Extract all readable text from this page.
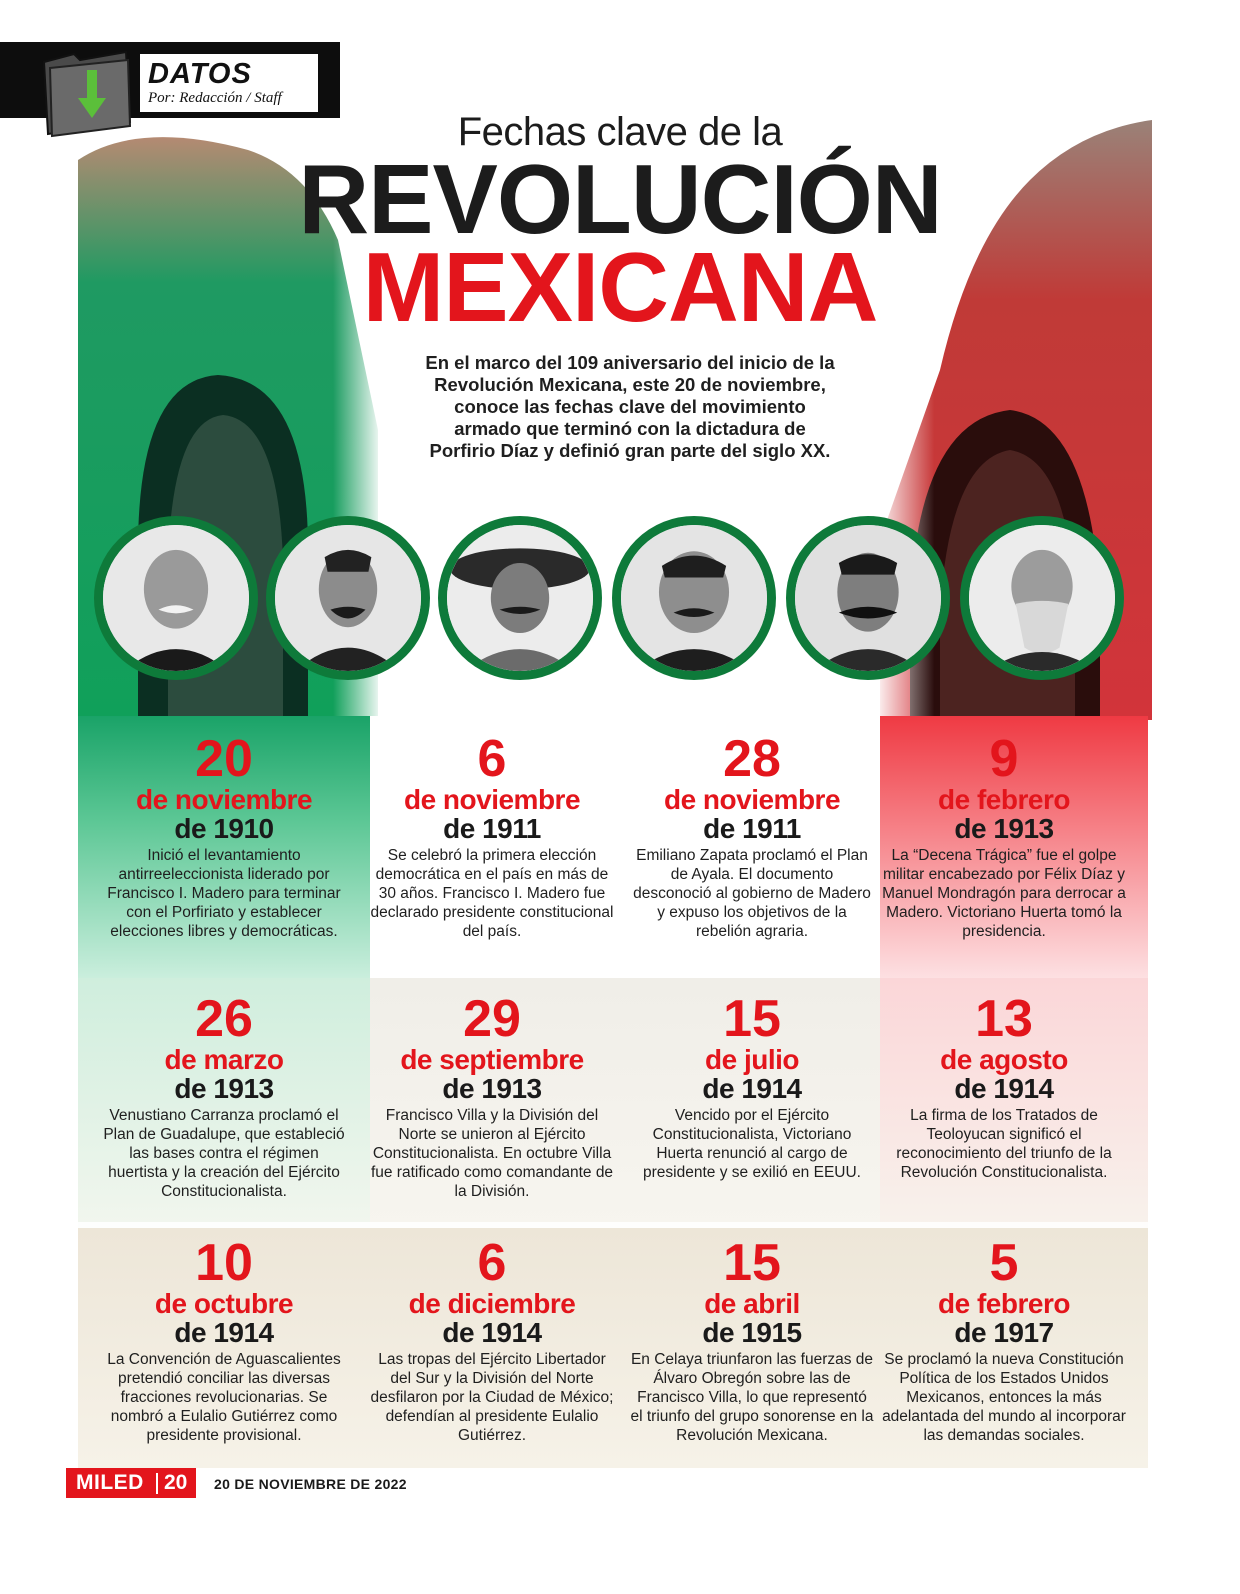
DATOS
Por: Redacción / Staff
Fechas clave de la
REVOLUCIÓN
MEXICANA
En el marco del 109 aniversario del inicio de la Revolución Mexicana, este 20 de noviembre, conoce las fechas clave del movimiento armado que terminó con la dictadura de Porfirio Díaz y definió gran parte del siglo XX.
20
de noviembre
de 1910
Inició el levantamiento antirreeleccionista liderado por Francisco I. Madero para terminar con el Porfiriato y establecer elecciones libres y democráticas.
6
de noviembre
de 1911
Se celebró la primera elección democrática en el país en más de 30 años. Francisco I. Madero fue declarado presidente constitucional del país.
28
de noviembre
de 1911
Emiliano Zapata proclamó el Plan de Ayala. El documento desconoció al gobierno de Madero y expuso los objetivos de la rebelión agraria.
9
de febrero
de 1913
La “Decena Trágica” fue el golpe militar encabezado por Félix Díaz y Manuel Mondragón para derrocar a Madero. Victoriano Huerta tomó la presidencia.
26
de marzo
de 1913
Venustiano Carranza proclamó el Plan de Guadalupe, que estableció las bases contra el régimen huertista y la creación del Ejército Constitucionalista.
29
de septiembre
de 1913
Francisco Villa y la División del Norte se unieron al Ejército Constitucionalista. En octubre Villa fue ratificado como comandante de la División.
15
de julio
de 1914
Vencido por el Ejército Constitucionalista, Victoriano Huerta renunció al cargo de presidente y se exilió en EEUU.
13
de agosto
de 1914
La firma de los Tratados de Teoloyucan significó el reconocimiento del triunfo de la Revolución Constitucionalista.
10
de octubre
de 1914
La Convención de Aguascalientes pretendió conciliar las diversas fracciones revolucionarias. Se nombró a Eulalio Gutiérrez como presidente provisional.
6
de diciembre
de 1914
Las tropas del Ejército Libertador del Sur y la División del Norte desfilaron por la Ciudad de México; defendían al presidente Eulalio Gutiérrez.
15
de abril
de 1915
En Celaya triunfaron las fuerzas de Álvaro Obregón sobre las de Francisco Villa, lo que representó el triunfo del grupo sonorense en la Revolución Mexicana.
5
de febrero
de 1917
Se proclamó la nueva Constitución Política de los Estados Unidos Mexicanos, entonces la más adelantada del mundo al incorporar las demandas sociales.
MILED 20 20 DE NOVIEMBRE DE 2022
